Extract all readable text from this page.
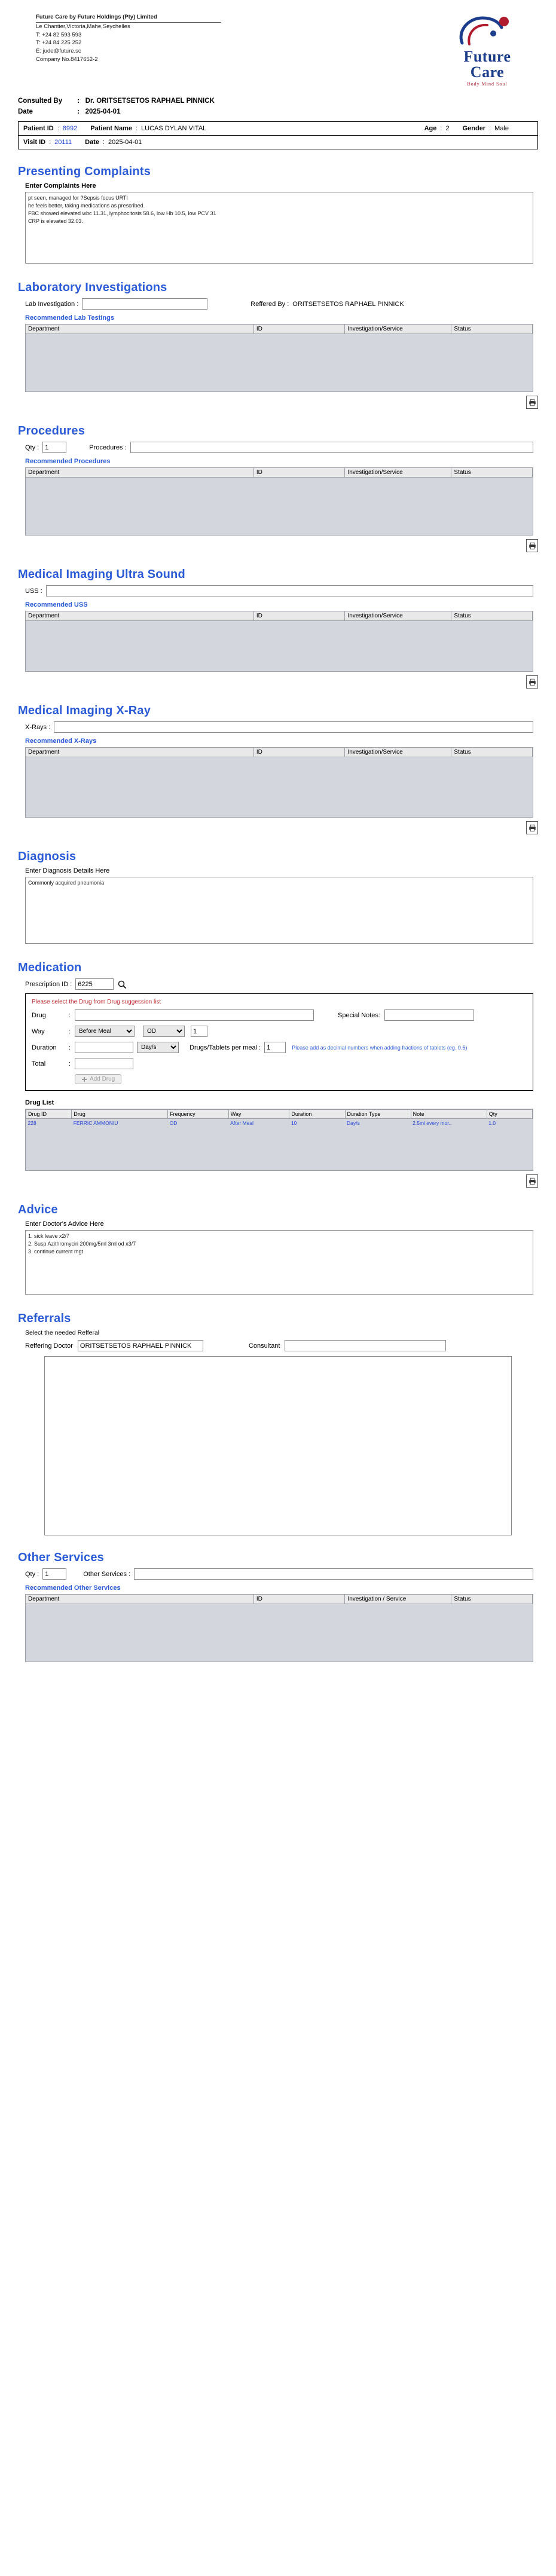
Future Care by Future Holdings (Pty) Limited
Le Chantier,Victoria,Mahe,Seychelles
T: +24 82 593 593
T: +24 84 225 252
E: jude@future.sc
Company No.8417652-2	Future
Care
Body Mind Soul
Consulted By : Dr. ORITSETSETOS RAPHAEL PINNICK
Date	: 2025-04-01
Patient ID : 8992 Patient Name : LUCAS DYLAN VITAL	Age : 2 Gender : Male
Visit ID : 20111 Date : 2025-04-01
Presenting Complaints
Enter Complaints Here
pt seen, managed for ?Sepsis focus URTI he feels better, taking medications as prescribed. FBC showed elevated wbc 11.31, lymphocitosis 58.6, low Hb 10.5, low PCV 31 CRP is elevated 32.03.
Laboratory Investigations
Lab Investigation :	Reffered By : ORITSETSETOS RAPHAEL PINNICK
Recommended Lab Testings
Department	ID	Investigation/Service	Status
Procedures
Qty :
1	Procedures :
Recommended Procedures
Department	ID	Investigation/Service	Status
Medical Imaging Ultra Sound
USS :
Recommended USS
Department	ID	Investigation/Service	Status
Medical Imaging X-Ray
X-Rays :
Recommended X-Rays
Department	ID	Investigation/Service	Status
Diagnosis
Enter Diagnosis Details Here
Commonly acquired pneumonia
Medication
Prescription ID :
6225
Please select the Drug from Drug suggession list
Drug	:	Special Notes :
Way	:
Before Meal
OD
1
Duration	:
Day/s	Drugs/Tablets per meal :
1	Please add as decimal numbers when adding fractions of tablets (eg. 0.5)
Total	:
Add Drug
Drug List
Drug ID	Drug	Frequency	Way	Duration	Duration Type	Note	Qty
228	FERRIC AMMONIU	OD	After Meal	10	Day/s	2.5ml every mor..	1.0
Advice
Enter Doctor's Advice Here
1. sick leave x2/7 2. Susp Azithromycin 200mg/5ml 3ml od x3/7 3. continue current mgt
Referrals
Select the needed Refferal
Reffering Doctor
ORITSETSETOS RAPHAEL PINNICK	Consultant
Other Services
Qty :
1	Other Services :
Recommended Other Services
Department	ID	Investigation / Service	Status
